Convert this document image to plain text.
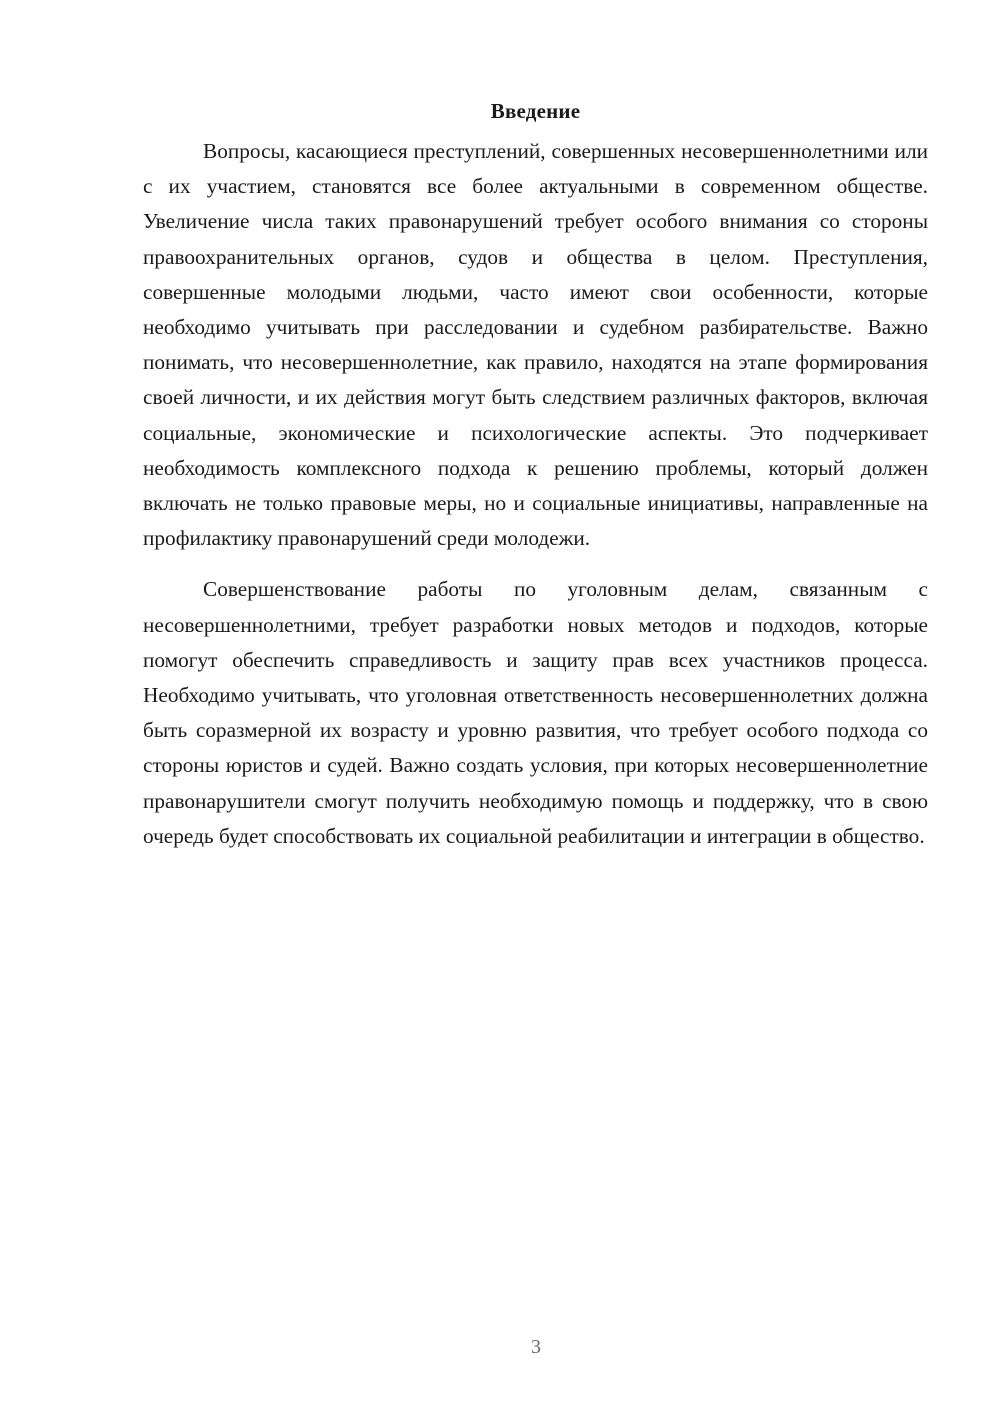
Введение

Вопросы, касающиеся преступлений, совершенных несовершеннолетними или с их участием, становятся все более актуальными в современном обществе. Увеличение числа таких правонарушений требует особого внимания со стороны правоохранительных органов, судов и общества в целом. Преступления, совершенные молодыми людьми, часто имеют свои особенности, которые необходимо учитывать при расследовании и судебном разбирательстве. Важно понимать, что несовершеннолетние, как правило, находятся на этапе формирования своей личности, и их действия могут быть следствием различных факторов, включая социальные, экономические и психологические аспекты. Это подчеркивает необходимость комплексного подхода к решению проблемы, который должен включать не только правовые меры, но и социальные инициативы, направленные на профилактику правонарушений среди молодежи.

Совершенствование работы по уголовным делам, связанным с несовершеннолетними, требует разработки новых методов и подходов, которые помогут обеспечить справедливость и защиту прав всех участников процесса. Необходимо учитывать, что уголовная ответственность несовершеннолетних должна быть соразмерной их возрасту и уровню развития, что требует особого подхода со стороны юристов и судей. Важно создать условия, при которых несовершеннолетние правонарушители смогут получить необходимую помощь и поддержку, что в свою очередь будет способствовать их социальной реабилитации и интеграции в общество.

3
